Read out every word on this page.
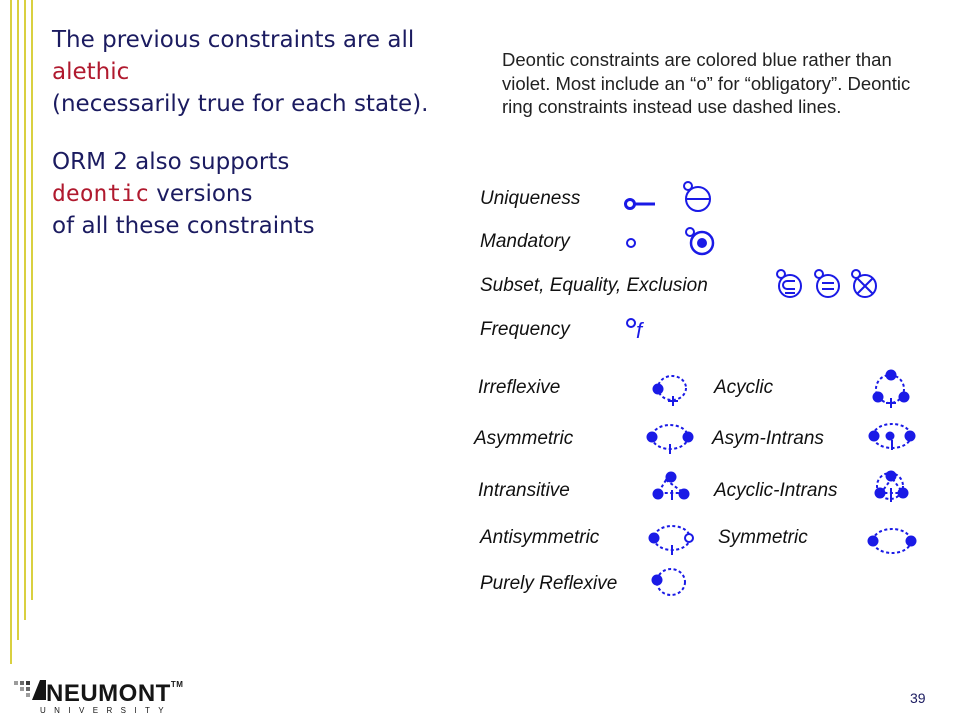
The previous constraints are all
alethic
(necessarily true for each state).
ORM 2 also supports
deontic versions
of all these constraints
Deontic constraints are colored blue rather than violet. Most include an “o” for “obligatory”. Deontic ring constraints instead use dashed lines.
Uniqueness
Mandatory
Subset, Equality, Exclusion
Frequency
Irreflexive	Acyclic
Asymmetric	Asym-Intrans
Intransitive	Acyclic-Intrans
Antisymmetric	Symmetric
Purely Reflexive
f
NEUMONT™
UNIVERSITY
39
